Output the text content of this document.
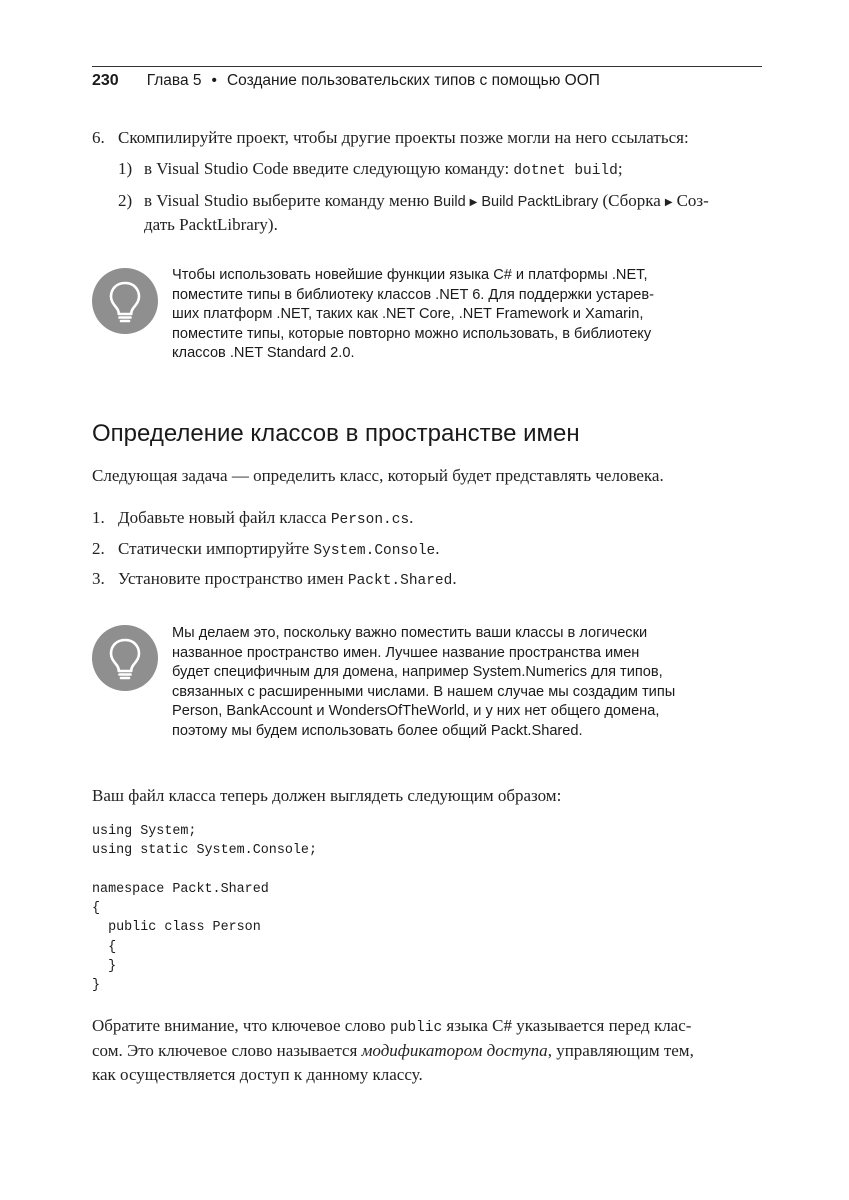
230 Глава 5 • Создание пользовательских типов с помощью ООП
6. Скомпилируйте проект, чтобы другие проекты позже могли на него ссылаться:
1) в Visual Studio Code введите следующую команду: dotnet build;
2) в Visual Studio выберите команду меню Build ▶ Build PacktLibrary (Сборка ▶ Соз-
дать PacktLibrary).
Чтобы использовать новейшие функции языка C# и платформы .NET,
поместите типы в библиотеку классов .NET 6. Для поддержки устарев-
ших платформ .NET, таких как .NET Core, .NET Framework и Xamarin,
поместите типы, которые повторно можно использовать, в библиотеку
классов .NET Standard 2.0.
Определение классов в пространстве имен
Следующая задача — определить класс, который будет представлять человека.
1. Добавьте новый файл класса Person.cs.
2. Статически импортируйте System.Console.
3. Установите пространство имен Packt.Shared.
Мы делаем это, поскольку важно поместить ваши классы в логически
названное пространство имен. Лучшее название пространства имен
будет специфичным для домена, например System.Numerics для типов,
связанных с расширенными числами. В нашем случае мы создадим типы
Person, BankAccount и WondersOfTheWorld, и у них нет общего домена,
поэтому мы будем использовать более общий Packt.Shared.
Ваш файл класса теперь должен выглядеть следующим образом:
using System;
using static System.Console;

namespace Packt.Shared
{
public class Person
{
}
}
Обратите внимание, что ключевое слово public языка C# указывается перед клас-
сом. Это ключевое слово называется модификатором доступа, управляющим тем,
как осуществляется доступ к данному классу.
